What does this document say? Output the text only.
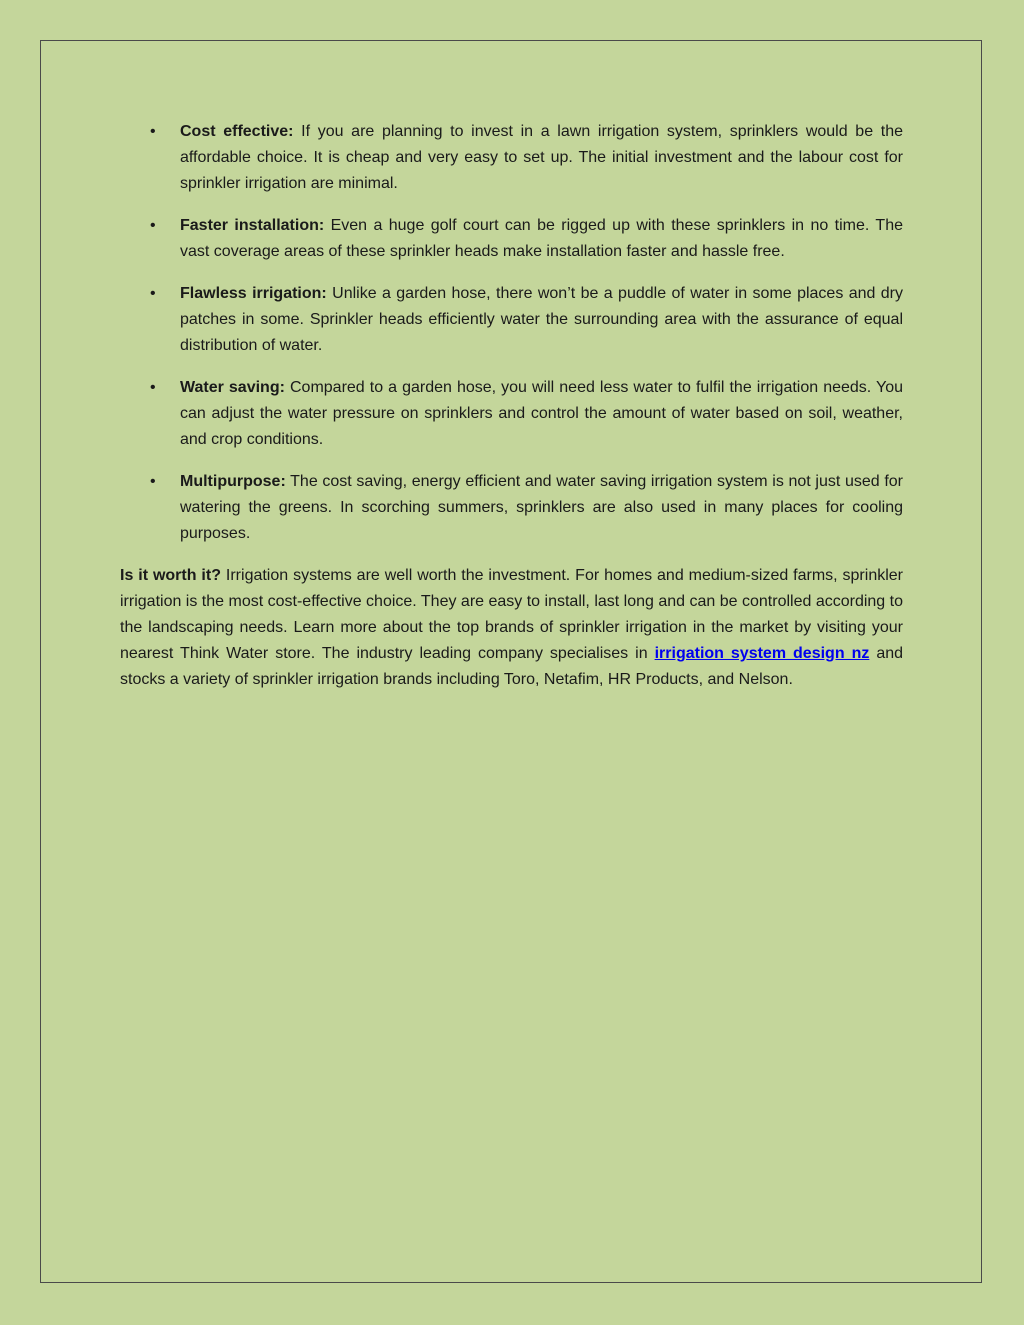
• Cost effective: If you are planning to invest in a lawn irrigation system, sprinklers would be the affordable choice. It is cheap and very easy to set up. The initial investment and the labour cost for sprinkler irrigation are minimal.
• Faster installation: Even a huge golf court can be rigged up with these sprinklers in no time. The vast coverage areas of these sprinkler heads make installation faster and hassle free.
• Flawless irrigation: Unlike a garden hose, there won’t be a puddle of water in some places and dry patches in some. Sprinkler heads efficiently water the surrounding area with the assurance of equal distribution of water.
• Water saving: Compared to a garden hose, you will need less water to fulfil the irrigation needs. You can adjust the water pressure on sprinklers and control the amount of water based on soil, weather, and crop conditions.
• Multipurpose: The cost saving, energy efficient and water saving irrigation system is not just used for watering the greens. In scorching summers, sprinklers are also used in many places for cooling purposes.

Is it worth it? Irrigation systems are well worth the investment. For homes and medium-sized farms, sprinkler irrigation is the most cost-effective choice. They are easy to install, last long and can be controlled according to the landscaping needs. Learn more about the top brands of sprinkler irrigation in the market by visiting your nearest Think Water store. The industry leading company specialises in irrigation system design nz and stocks a variety of sprinkler irrigation brands including Toro, Netafim, HR Products, and Nelson.
